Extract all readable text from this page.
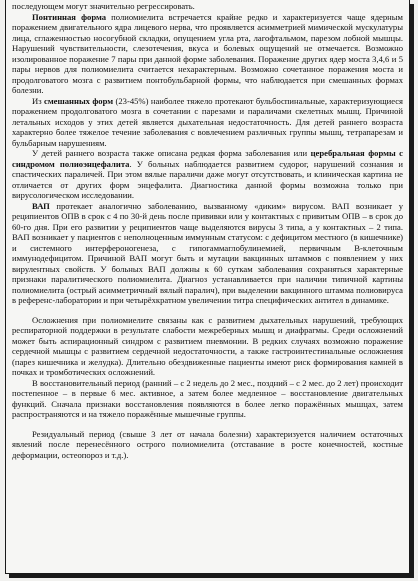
последующем могут значительно регрессировать.

Понтинная форма полиомиелита встречается крайне редко и характеризуется чаще ядерным поражением двигательного ядра лицевого нерва, что проявляется асимметрией мимической мускулатуры лица, сглаженностью носогубной складки, опущением угла рта, лагофтальмом, парезом лобной мышцы. Нарушений чувствительности, слезотечения, вкуса и болевых ощущений не отмечается. Возможно изолированное поражение 7 пары при данной форме заболевания. Поражение других ядер моста 3,4,6 и 5 пары нервов для полиомиелита считается нехарактерным. Возможно сочетанное поражения моста и продолговатого мозга с развитием понтобульбарной формы, что наблюдается при смешанных формах болезни.

Из смешанных форм (23-45%) наиболее тяжело протекают бульбоспинальные, характеризующиеся поражением продолговатого мозга в сочетании с парезами и параличами скелетных мышц. Причиной летальных исходов у этих детей является дыхательная недостаточность. Для детей раннего возраста характерно более тяжелое течение заболевания с вовлечением различных группы мышц, тетрапарезам и бульбарным нарушениям.

У детей раннего возраста также описана редкая форма заболевания или церебральная формы с синдромом полиоэнцефалита. У больных наблюдается развитием судорог, нарушений сознания и спастических параличей. При этом вялые параличи даже могут отсутствовать, и клиническая картина не отличается от других форм энцефалита. Диагностика данной формы возможна только при вирусологическом исследовании.

ВАП протекает аналогично заболеванию, вызванному «диким» вирусом. ВАП возникает у реципиентов ОПВ в срок с 4 по 30-й день после прививки или у контактных с привитым ОПВ – в срок до 60-го дня. При его развитии у реципиентов чаще выделяются вирусы 3 типа, а у контактных – 2 типа. ВАП возникает у пациентов с неполноценным иммунным статусом: с дефицитом местного (в кишечнике) и системного интерфероногенеза, с гипогаммаглобулинемией, первичным В-клеточным иммунодефицитом. Причиной ВАП могут быть и мутации вакцинных штаммов с появлением у них вирулентных свойств. У больных ВАП должны к 60 суткам заболевания сохраняться характерные признаки паралитического полиомиелита. Диагноз устанавливается при наличии типичной картины полиомиелита (острый асимметричный вялый паралич), при выделении вакцинного штамма полиовируса в референс-лаборатории и при четырёхкратном увеличении титра специфических антител в динамике.

Осложнения при полиомиелите связаны как с развитием дыхательных нарушений, требующих респираторной поддержки в результате слабости межреберных мышц и диафрагмы. Среди осложнений может быть аспирационный синдром с развитием пневмонии. В редких случаях возможно поражение сердечной мышцы с развитием сердечной недостаточности, а также гастроинтестинальные осложнения (парез кишечника и желудка). Длительно обездвиженные пациенты имеют риск формирования камней в почках и тромботических осложнений.

В восстановительный период (ранний – с 2 недель до 2 мес., поздний – с 2 мес. до 2 лет) происходит постепенное – в первые 6 мес. активное, а затем более медленное – восстановление двигательных функций. Сначала признаки восстановления появляются в более легко поражённых мышцах, затем распространяются и на тяжело поражённые мышечные группы.

Резидуальный период (свыше 3 лет от начала болезни) характеризуется наличием остаточных явлений после перенесённого острого полиомиелита (отставание в росте конечностей, костные деформации, остеопороз и т.д.).
